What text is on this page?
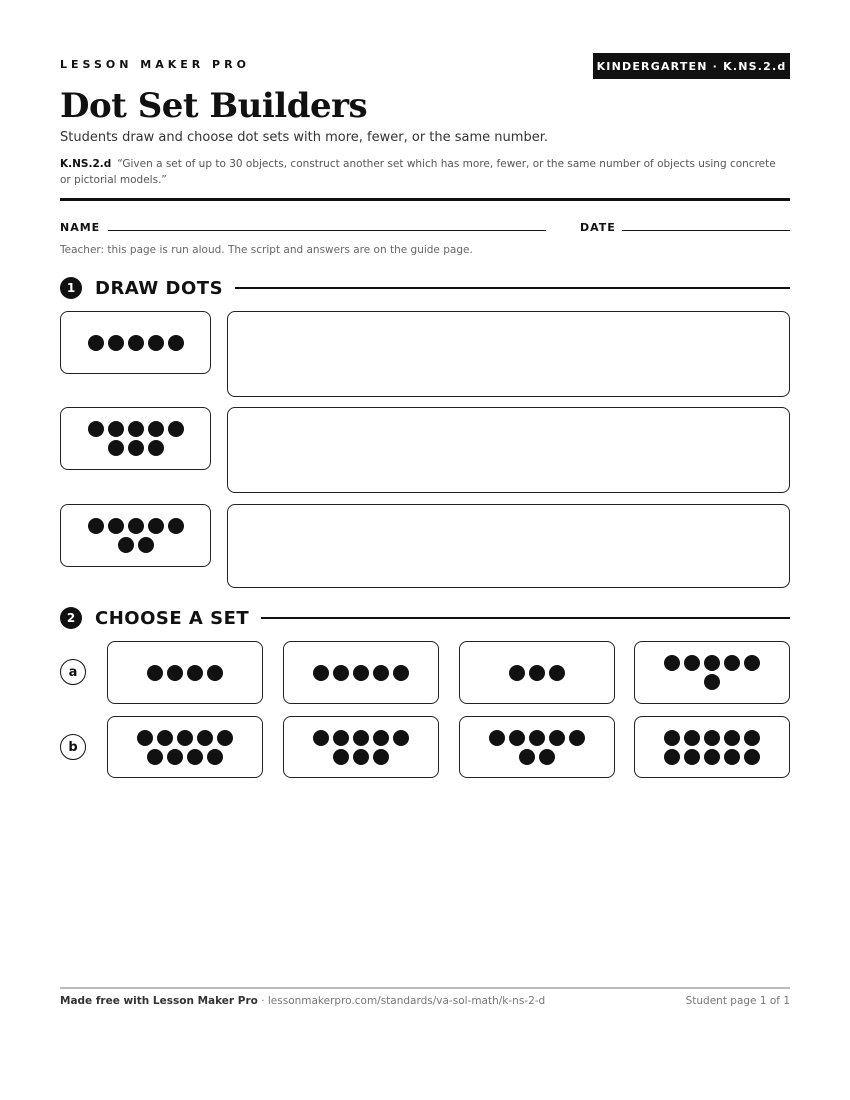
LESSON MAKER PRO	KINDERGARTEN · K.NS.2.d
Dot Set Builders
Students draw and choose dot sets with more, fewer, or the same number.
K.NS.2.d “Given a set of up to 30 objects, construct another set which has more, fewer, or the same number of objects using concrete or pictorial models.”
NAME	DATE
Teacher: this page is run aloud. The script and answers are on the guide page.
1	DRAW DOTS
2	CHOOSE A SET
a
b
Made free with Lesson Maker Pro · lessonmakerpro.com/standards/va-sol-math/k-ns-2-d	Student page 1 of 1
